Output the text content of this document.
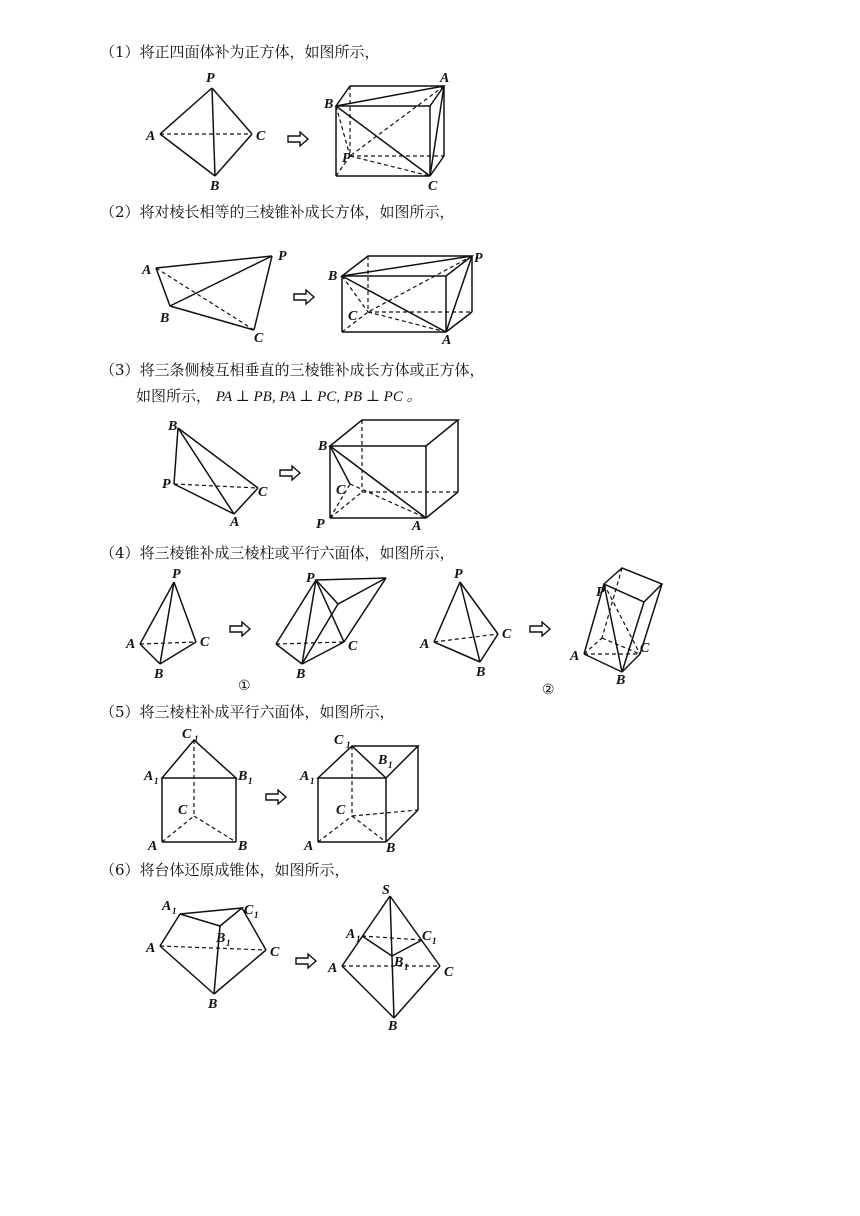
（1）将正四面体补为正方体，如图所示，
（2）将对棱长相等的三棱锥补成长方体，如图所示，
（3）将三条侧棱互相垂直的三棱锥补成长方体或正方体，
如图所示， PA ⊥ PB, PA ⊥ PC, PB ⊥ PC 。
（4）将三棱锥补成三棱柱或平行六面体，如图所示，
（5）将三棱柱补成平行六面体，如图所示，
（6）将台体还原成锥体，如图所示，
P
A	C
B
B
A
P
C
A
P
B
C
B
P
C
A
B
P
C
A
B
C
P	A
P
A	C
B
P
C
B
①
P
A
C
B
P
A
C
B
②
C 1
A 1	B 1
C
A	B
C 1
B 1
A 1
C
A	B
A 1	C 1
B 1
A	C
B
S
A 1	C 1
B 1
A	C
B
